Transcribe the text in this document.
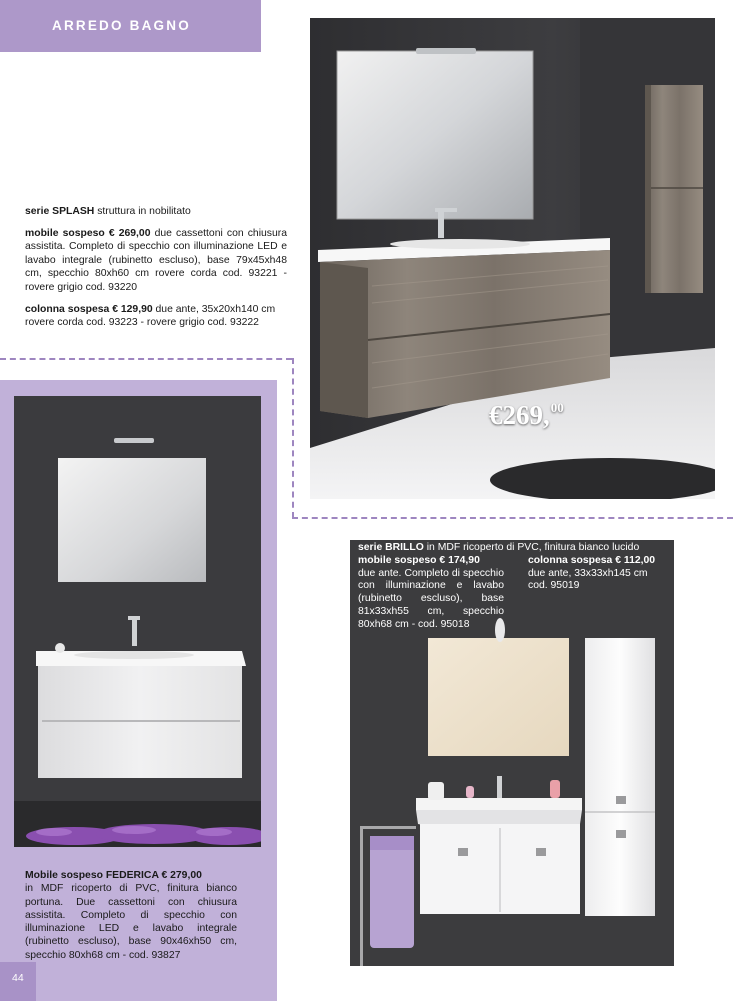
ARREDO BAGNO

serie SPLASH struttura in nobilitato

mobile sospeso € 269,00 due cassettoni con chiusura assistita. Completo di specchio con illuminazione LED e lavabo integrale (rubinetto escluso), base 79x45xh48 cm, specchio 80xh60 cm rovere corda cod. 93221 - rovere grigio cod. 93220

colonna sospesa € 129,90 due ante, 35x20xh140 cm rovere corda cod. 93223 - rovere grigio cod. 93222

€269,00
serie BRILLO in MDF ricoperto di PVC, finitura bianco lucido
mobile sospeso € 174,90
due ante. Completo di specchio con illuminazione e lavabo (rubinetto escluso), base 81x33xh55 cm, specchio 80xh68 cm - cod. 95018
colonna sospesa € 112,00
due ante, 33x33xh145 cm cod. 95019
Mobile sospeso FEDERICA € 279,00
in MDF ricoperto di PVC, finitura bianco portuna. Due cassettoni con chiusura assistita. Completo di specchio con illuminazione LED e lavabo integrale (rubinetto escluso), base 90x46xh50 cm, specchio 80xh68 cm - cod. 93827
44
